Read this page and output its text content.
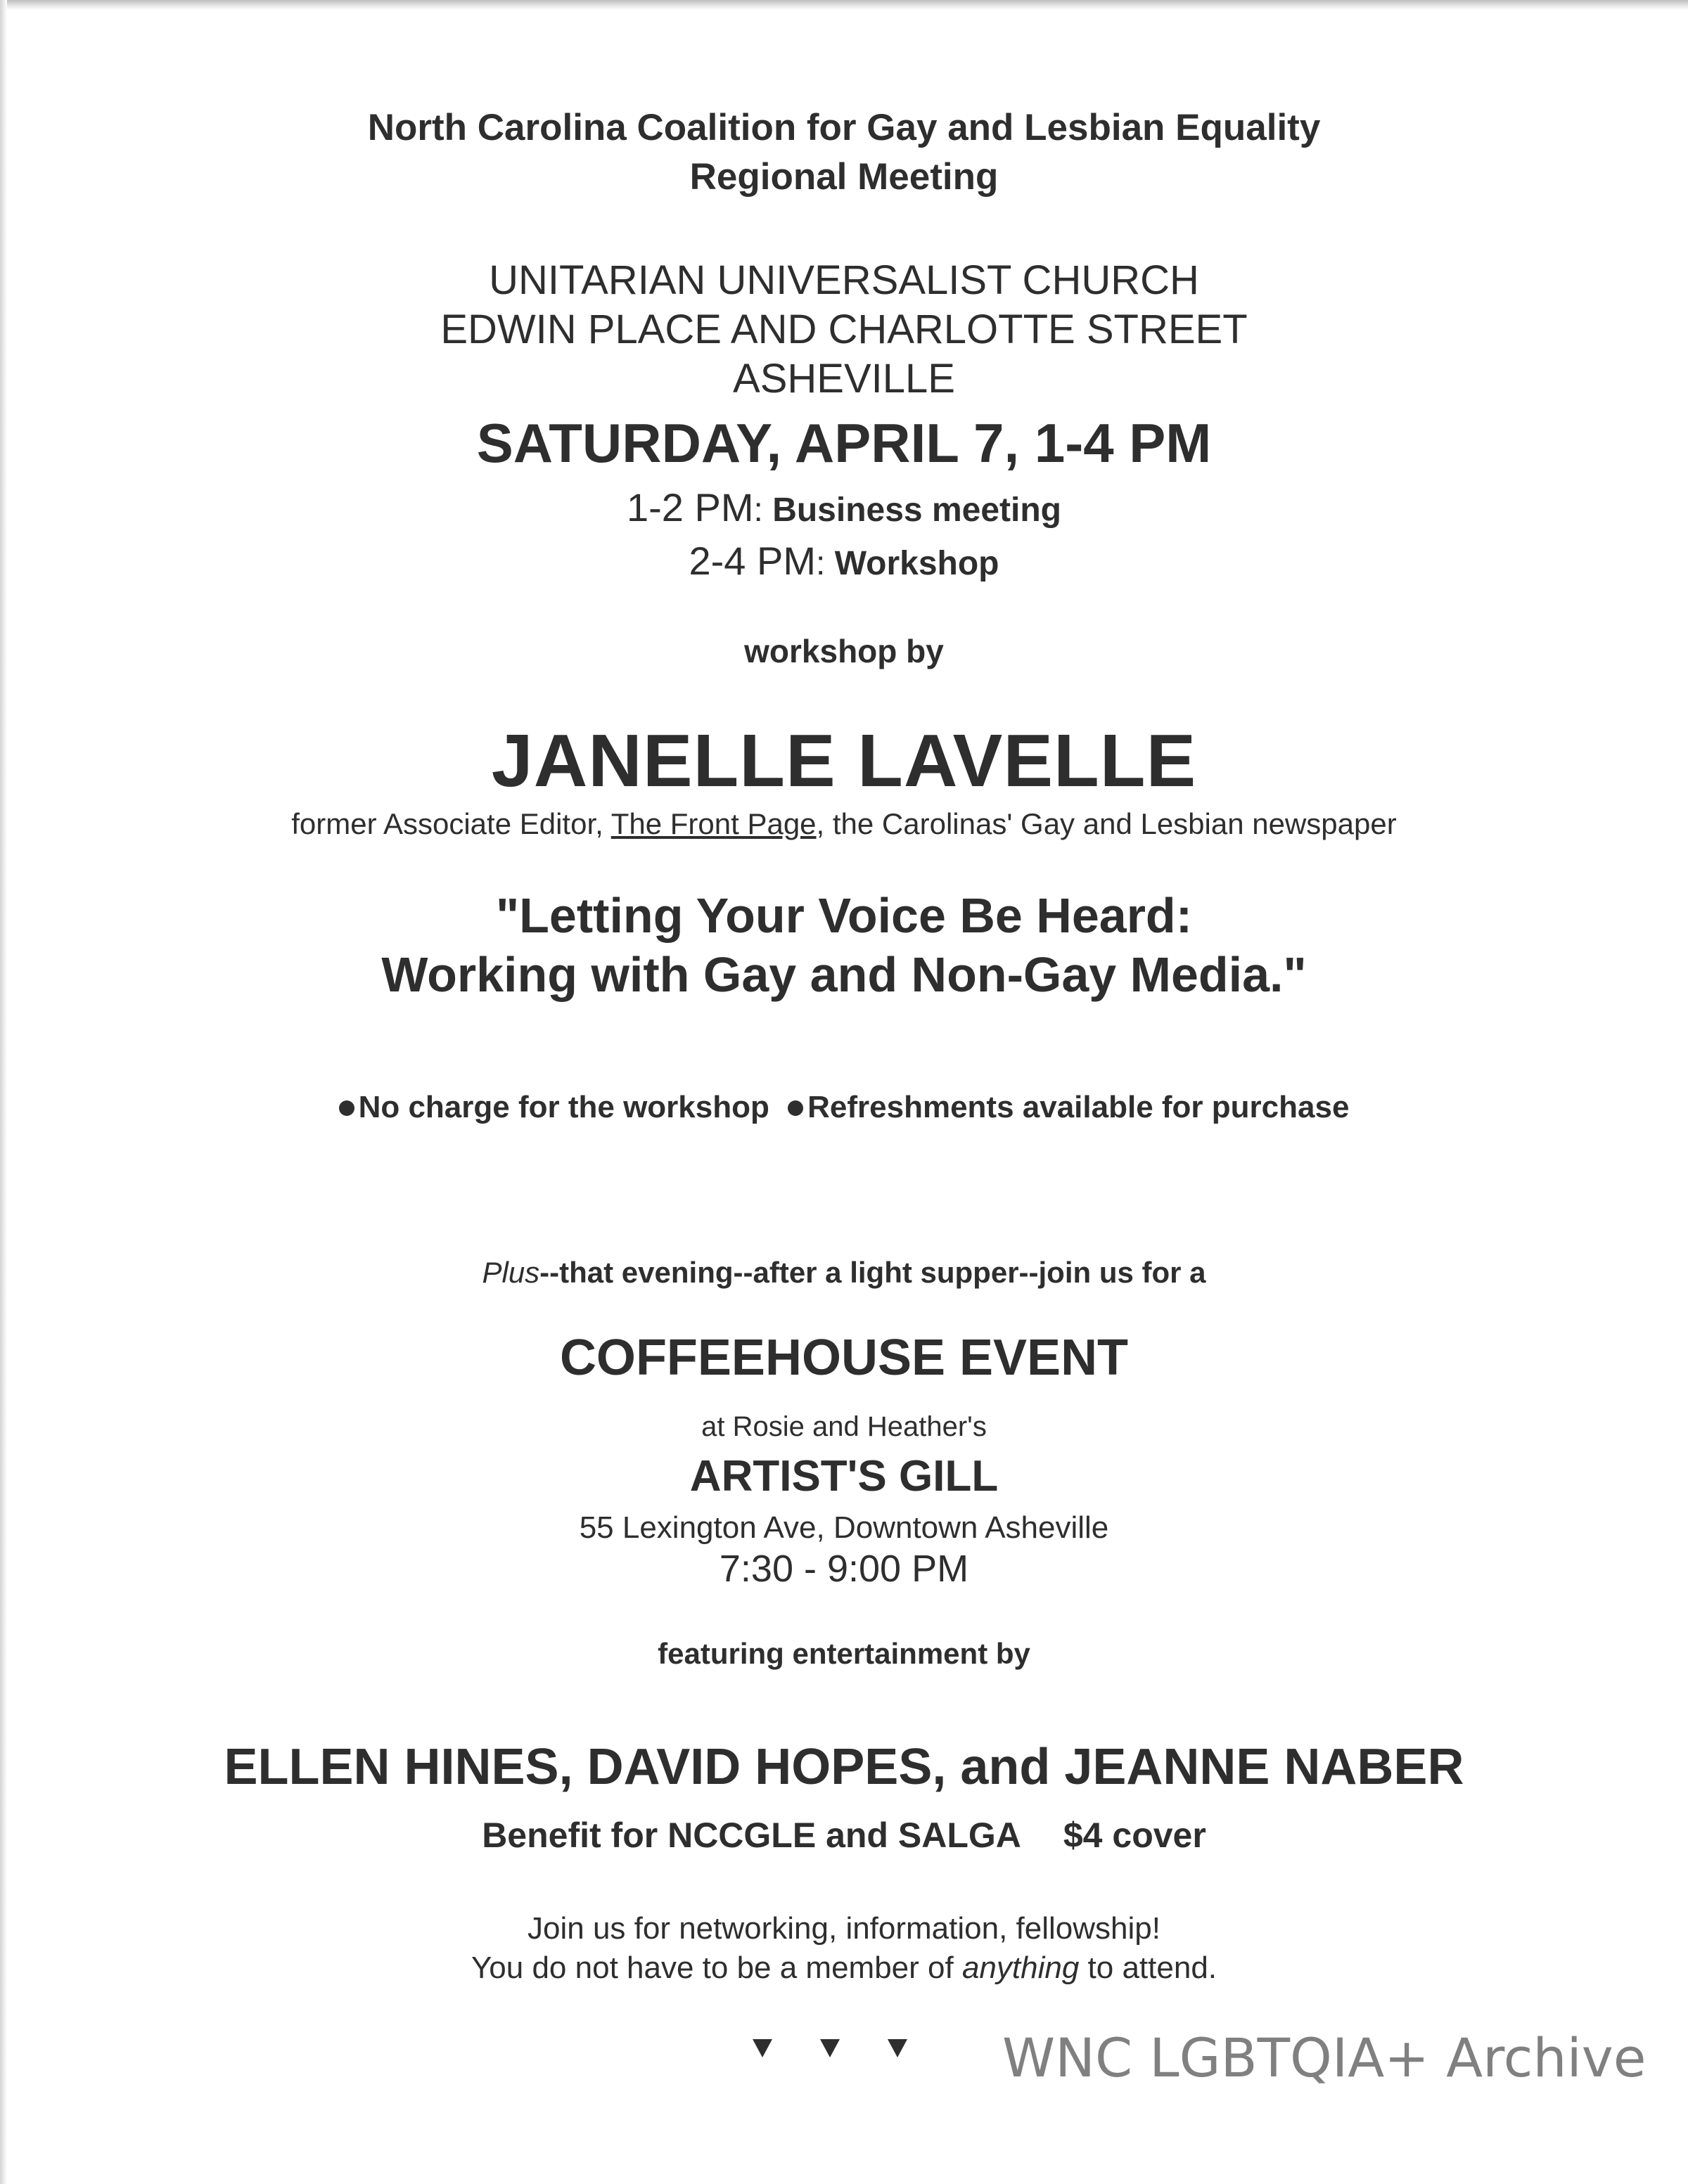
North Carolina Coalition for Gay and Lesbian Equality
Regional Meeting
UNITARIAN UNIVERSALIST CHURCH
EDWIN PLACE AND CHARLOTTE STREET
ASHEVILLE
SATURDAY, APRIL 7, 1-4 PM
1-2 PM: Business meeting
2-4 PM: Workshop
workshop by
JANELLE LAVELLE
former Associate Editor, The Front Page, the Carolinas' Gay and Lesbian newspaper
"Letting Your Voice Be Heard:
Working with Gay and Non-Gay Media."
No charge for the workshop Refreshments available for purchase
Plus--that evening--after a light supper--join us for a
COFFEEHOUSE EVENT
at Rosie and Heather's
ARTIST'S GILL
55 Lexington Ave, Downtown Asheville
7:30 - 9:00 PM
featuring entertainment by
ELLEN HINES, DAVID HOPES, and JEANNE NABER
Benefit for NCCGLE and SALGA $4 cover
Join us for networking, information, fellowship!
You do not have to be a member of anything to attend.
WNC LGBTQIA+ Archive
